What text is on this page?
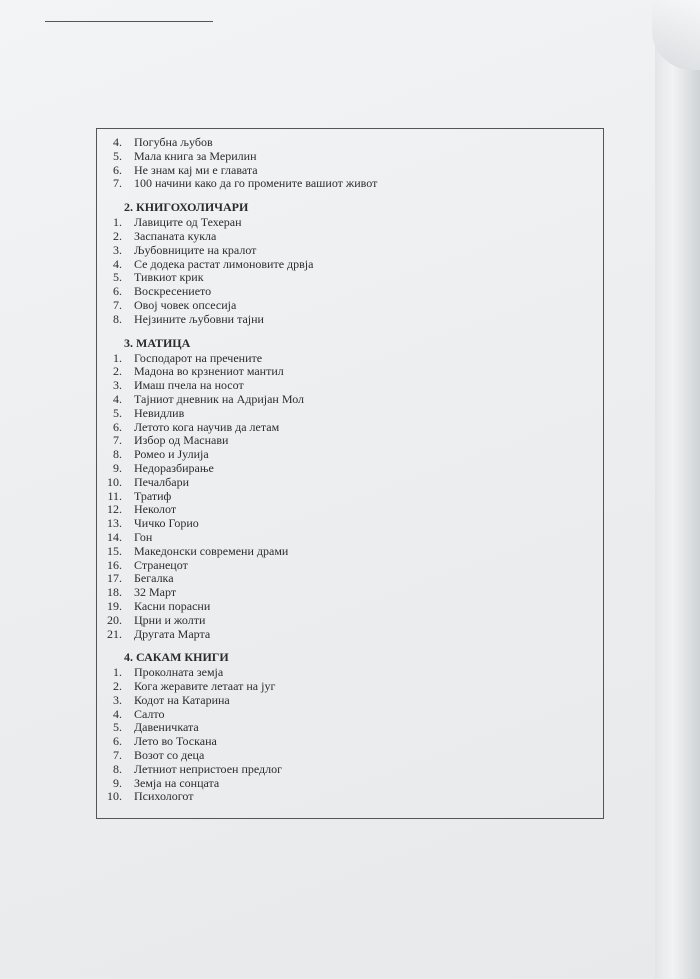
4. Погубна љубов
5. Мала книга за Мерилин
6. Не знам кај ми е главата
7. 100 начини како да го промените вашиот живот
2. КНИГОХОЛИЧАРИ
1. Лавиците од Техеран
2. Заспаната кукла
3. Љубовниците на кралот
4. Се додека растат лимоновите дрвја
5. Тивкиот крик
6. Воскресението
7. Овој човек опсесија
8. Нејзините љубовни тајни
3. МАТИЦА
1. Господарот на пречените
2. Мадона во крзнениот мантил
3. Имаш пчела на носот
4. Тајниот дневник на Адријан Мол
5. Невидлив
6. Летото кога научив да летам
7. Избор од Маснави
8. Ромео и Јулија
9. Недоразбирање
10. Печалбари
11. Тратиф
12. Неколот
13. Чичко Горио
14. Гон
15. Македонски современи драми
16. Странецот
17. Бегалка
18. 32 Март
19. Касни порасни
20. Црни и жолти
21. Другата Марта
4. САКАМ КНИГИ
1. Проколната земја
2. Кога жеравите летаат на југ
3. Кодот на Катарина
4. Салто
5. Давеничката
6. Лето во Тоскана
7. Возот со деца
8. Летниот непристоен предлог
9. Земја на сонцата
10. Психологот
